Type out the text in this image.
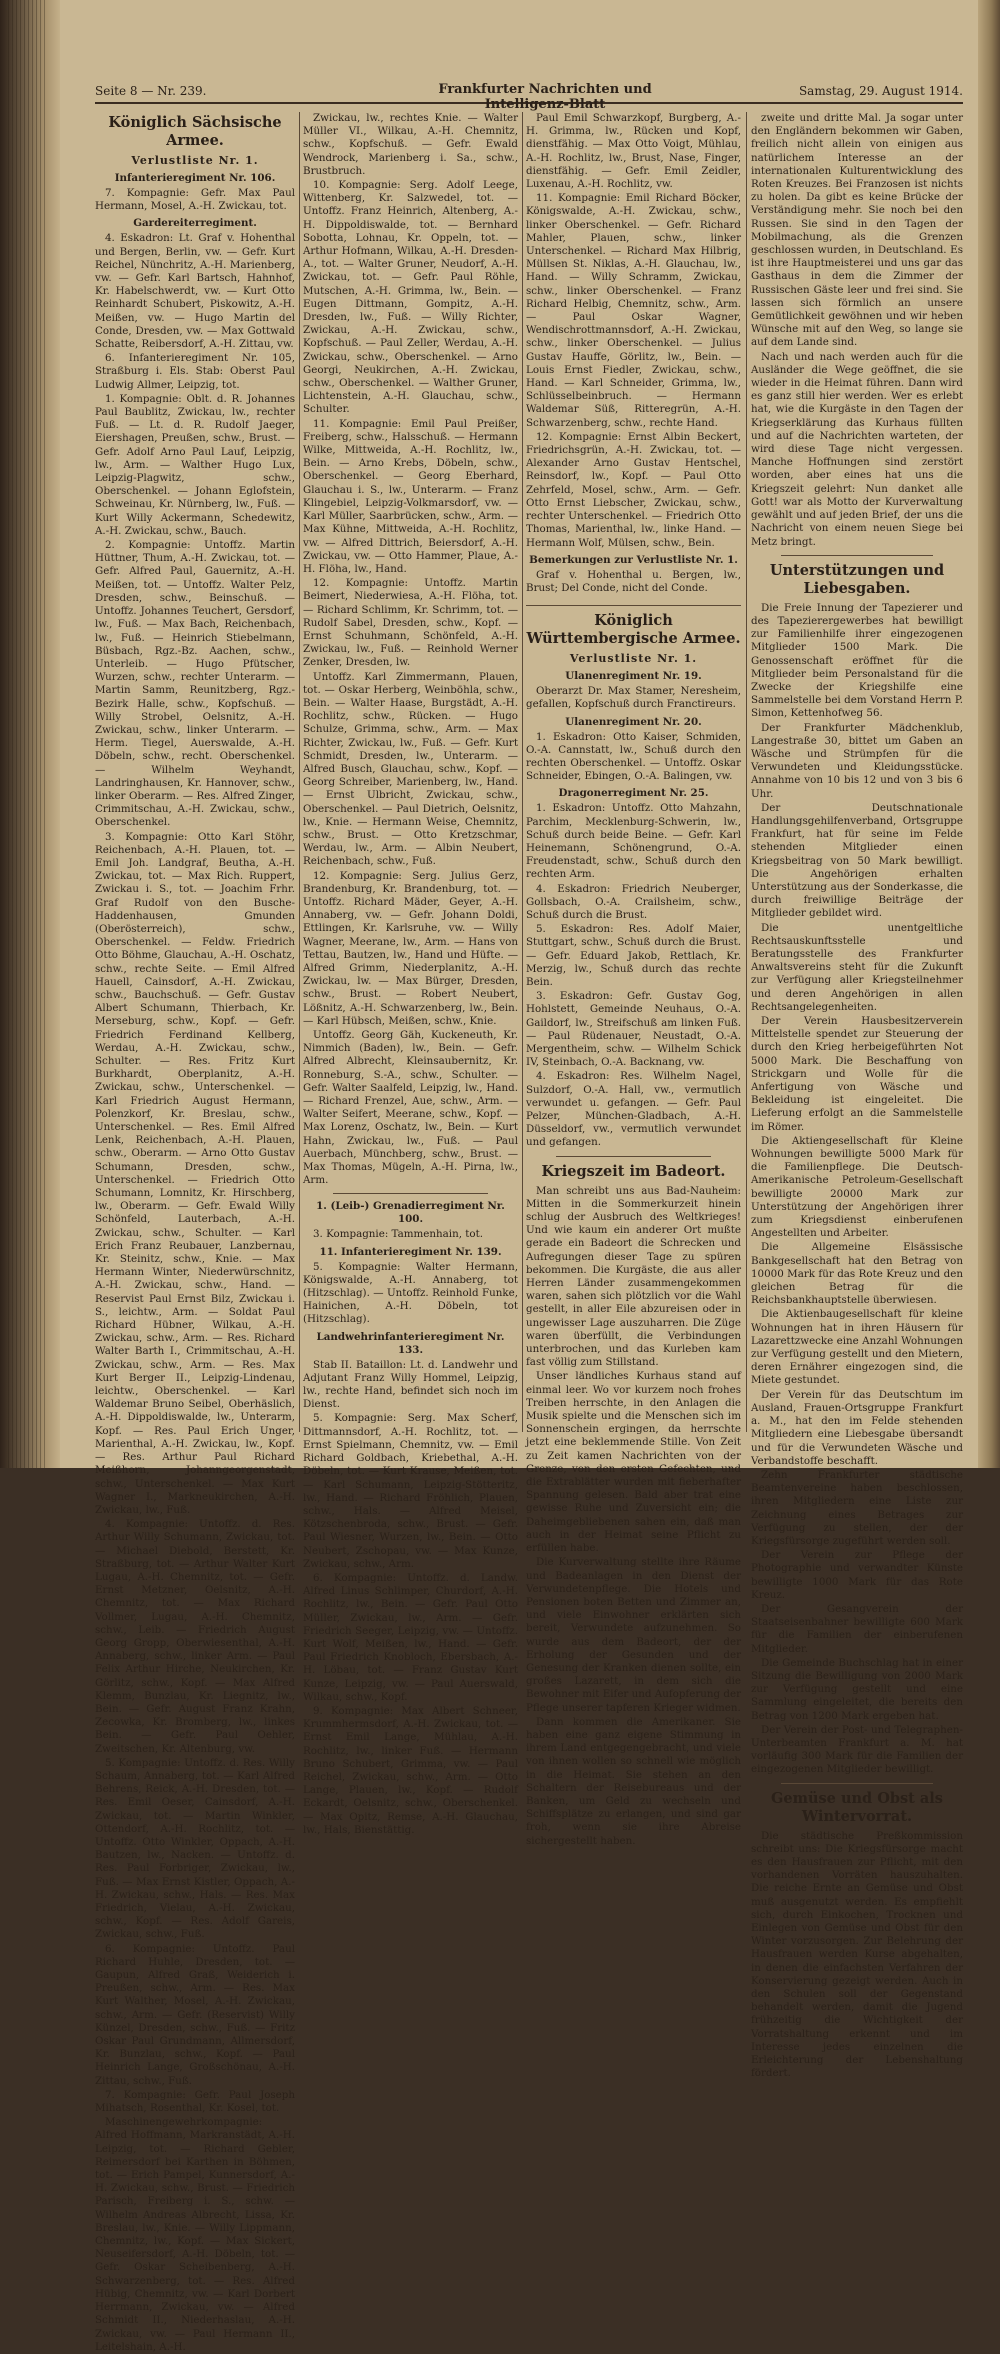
Seite 8 — Nr. 239.	Frankfurter Nachrichten und Intelligenz-Blatt
Samstag, 29. August 1914.
Königlich Sächsische Armee.
Verlustliste Nr. 1.
Infanterieregiment Nr. 106.

7. Kompagnie: Gefr. Max Paul Hermann, Mosel, A.-H. Zwickau, tot.

Gardereiterregiment.

4. Eskadron: Lt. Graf v. Hohenthal und Bergen, Berlin, vw. — Gefr. Kurt Reichel, Nünchritz, A.-H. Marienberg, vw. — Gefr. Karl Bartsch, Hahnhof, Kr. Habelschwerdt, vw. — Kurt Otto Reinhardt Schubert, Piskowitz, A.-H. Meißen, vw. — Hugo Martin del Conde, Dresden, vw. — Max Gottwald Schatte, Reibersdorf, A.-H. Zittau, vw.

6. Infanterieregiment Nr. 105, Straßburg i. Els. Stab: Oberst Paul Ludwig Allmer, Leipzig, tot.

1. Kompagnie: Oblt. d. R. Johannes Paul Baublitz, Zwickau, lw., rechter Fuß. — Lt. d. R. Rudolf Jaeger, Eiershagen, Preußen, schw., Brust. — Gefr. Adolf Arno Paul Lauf, Leipzig, lw., Arm. — Walther Hugo Lux, Leipzig-Plagwitz, schw., Oberschenkel. — Johann Eglofstein, Schweinau, Kr. Nürnberg, lw., Fuß. — Kurt Willy Ackermann, Schedewitz, A.-H. Zwickau, schw., Bauch.

2. Kompagnie: Untoffz. Martin Hüttner, Thum, A.-H. Zwickau, tot. — Gefr. Alfred Paul, Gauernitz, A.-H. Meißen, tot. — Untoffz. Walter Pelz, Dresden, schw., Beinschuß. — Untoffz. Johannes Teuchert, Gersdorf, lw., Fuß. — Max Bach, Reichenbach, lw., Fuß. — Heinrich Stiebelmann, Büsbach, Rgz.-Bz. Aachen, schw., Unterleib. — Hugo Pfütscher, Wurzen, schw., rechter Unterarm. — Martin Samm, Reunitzberg, Rgz.-Bezirk Halle, schw., Kopfschuß. — Willy Strobel, Oelsnitz, A.-H. Zwickau, schw., linker Unterarm. — Herm. Tiegel, Auerswalde, A.-H. Döbeln, schw., recht. Oberschenkel. — Wilhelm Weyhandt, Landringhausen, Kr. Hannover, schw., linker Oberarm. — Res. Alfred Zinger, Crimmitschau, A.-H. Zwickau, schw., Oberschenkel.

3. Kompagnie: Otto Karl Stöhr, Reichenbach, A.-H. Plauen, tot. — Emil Joh. Landgraf, Beutha, A.-H. Zwickau, tot. — Max Rich. Ruppert, Zwickau i. S., tot. — Joachim Frhr. Graf Rudolf von den Busche-Haddenhausen, Gmunden (Oberösterreich), schw., Oberschenkel. — Feldw. Friedrich Otto Böhme, Glauchau, A.-H. Oschatz, schw., rechte Seite. — Emil Alfred Hauell, Cainsdorf, A.-H. Zwickau, schw., Bauchschuß. — Gefr. Gustav Albert Schumann, Thierbach, Kr. Merseburg, schw., Kopf. — Gefr. Friedrich Ferdinand Kellberg, Werdau, A.-H. Zwickau, schw., Schulter. — Res. Fritz Kurt Burkhardt, Oberplanitz, A.-H. Zwickau, schw., Unterschenkel. — Karl Friedrich August Hermann, Polenzkorf, Kr. Breslau, schw., Unterschenkel. — Res. Emil Alfred Lenk, Reichenbach, A.-H. Plauen, schw., Oberarm. — Arno Otto Gustav Schumann, Dresden, schw., Unterschenkel. — Friedrich Otto Schumann, Lomnitz, Kr. Hirschberg, lw., Oberarm. — Gefr. Ewald Willy Schönfeld, Lauterbach, A.-H. Zwickau, schw., Schulter. — Karl Erich Franz Reubauer, Lanzbernau, Kr. Steinitz, schw., Knie. — Max Hermann Winter, Niederwürschnitz, A.-H. Zwickau, schw., Hand. — Reservist Paul Ernst Bilz, Zwickau i. S., leichtw., Arm. — Soldat Paul Richard Hübner, Wilkau, A.-H. Zwickau, schw., Arm. — Res. Richard Walter Barth I., Crimmitschau, A.-H. Zwickau, schw., Arm. — Res. Max Kurt Berger II., Leipzig-Lindenau, leichtw., Oberschenkel. — Karl Waldemar Bruno Seibel, Oberhäslich, A.-H. Dippoldiswalde, lw., Unterarm, Kopf. — Res. Paul Erich Unger, Marienthal, A.-H. Zwickau, lw., Kopf. — Res. Arthur Paul Richard Meißhorn, Johanngeorgenstadt, schw., Unterschenkel. — Max Kurt Wagner I., Markneukirchen, A.-H. Zwickau, lw., Fuß.

4. Kompagnie: Untoffz. d. Res. Arthur Willy Schumann, Zwickau, tot. — Michael Diebold, Berstett, Kr. Straßburg, tot. — Arthur Walter Kurt Lugau, A.-H. Chemnitz, tot. — Gefr. Ernst Metzner, Oelsnitz, A.-H. Chemnitz, tot. — Max Richard Vollmer, Lugau, A.-H. Chemnitz, schw., Leib. — Friedrich August Georg Gropp, Oberwiesenthal, A.-H. Annaberg, schw., linker Arm. — Paul Felix Arthur Hirche, Neukirchen, Kr. Görlitz, schw., Kopf. — Max Alfred Klemm, Bunzlau, Kr. Liegnitz, lw., Bein. — Gefr. August Franz Krahn, Zecowka, Kr. Bromberg, lw., linkes Bein. — Gefr. Paul Oehler, Zweitschen, Kr. Altenburg, vw.

5. Kompagnie: Untoffz. d. Res. Willy Schaum, Annaberg, tot. — Karl Alfred Behrens, Reick, A.-H. Dresden, tot. — Res. Emil Oeser, Cainsdorf, A.-H. Zwickau, tot. — Martin Winkler, Ottendorf, A.-H. Rochlitz, tot. — Untoffz. Otto Winkler, Oppach, A.-H. Bautzen, lw., Nacken. — Untoffz. d. Res. Paul Forbriger, Zwickau, lw., Fuß. — Max Ernst Kistler, Oppach, A.-H. Zwickau, schw., Hals. — Res. Max Friedrich, Vielau, A.-H. Zwickau, schw., Kopf. — Res. Adolf Gareis, Zwickau, schw., Fuß.

6. Kompagnie: Untoffz. Paul Richard Huhle, Dresden, tot. — Gaupun, Alfred Graß, Weiderich i. Preußen, schw., Arm. — Res. Max Kurt Walther, Mosel, A.-H. Zwickau, schw., Arm. — Gefr. (Reservist) Willy Künzel, Dresden, schw., Fuß. — Fritz Oskar Paul Grundmann, Allmersdorf, Kr. Bunzlau, schw., Kopf. — Paul Heinrich Lange, Großschönau, A.-H. Zittau, schw., Fuß.

7. Kompagnie: Gefr. Paul Joseph Mihatsch, Rosenthal, Kr. Kosel, tot.

Maschinengewehrkompagnie: Alfred Hoffmann, Markranstädt, A.-H. Leipzig, tot. — Richard Gebler, Reimersdorf bei Karthen in Böhmen, tot. — Erich Pampel, Kunnersdorf, A.-H. Zwickau, schw., Brust. — Friedrich Parisch, Freiberg i. S., schw. — Wilhelm Andreas Albrecht, Lissa, Kr. Breslau, lw., Knie. — Willy Lippmann, Chemnitz, lw., Kopf. — Max Sickert, Neuseifersdorf, A.-H. Döbeln, tot. — Gefr. Oskar Scheibenberg, A.-H. Schwarzenberg, tot. — Res. Alfred Hübig, Chemnitz, vw. — Karl Dorbert Herrmann, Zwickau, vw. — Alfred Schmidt II., Niederhaslau, A.-H. Zwickau, vw. — Paul Hermann II., Leitelshain, A.-H.

Zwickau, lw., rechtes Knie. — Walter Müller VI., Wilkau, A.-H. Chemnitz, schw., Kopfschuß. — Gefr. Ewald Wendrock, Marienberg i. Sa., schw., Brustbruch.

10. Kompagnie: Serg. Adolf Leege, Wittenberg, Kr. Salzwedel, tot. — Untoffz. Franz Heinrich, Altenberg, A.-H. Dippoldiswalde, tot. — Bernhard Sobotta, Lohnau, Kr. Oppeln, tot. — Arthur Hofmann, Wilkau, A.-H. Dresden-A., tot. — Walter Gruner, Neudorf, A.-H. Zwickau, tot. — Gefr. Paul Röhle, Mutschen, A.-H. Grimma, lw., Bein. — Eugen Dittmann, Gompitz, A.-H. Dresden, lw., Fuß. — Willy Richter, Zwickau, A.-H. Zwickau, schw., Kopfschuß. — Paul Zeller, Werdau, A.-H. Zwickau, schw., Oberschenkel. — Arno Georgi, Neukirchen, A.-H. Zwickau, schw., Oberschenkel. — Walther Gruner, Lichtenstein, A.-H. Glauchau, schw., Schulter.

11. Kompagnie: Emil Paul Preißer, Freiberg, schw., Halsschuß. — Hermann Wilke, Mittweida, A.-H. Rochlitz, lw., Bein. — Arno Krebs, Döbeln, schw., Oberschenkel. — Georg Eberhard, Glauchau i. S., lw., Unterarm. — Franz Klingebiel, Leipzig-Volkmarsdorf, vw. — Karl Müller, Saarbrücken, schw., Arm. — Max Kühne, Mittweida, A.-H. Rochlitz, vw. — Alfred Dittrich, Beiersdorf, A.-H. Zwickau, vw. — Otto Hammer, Plaue, A.-H. Flöha, lw., Hand.

12. Kompagnie: Untoffz. Martin Beimert, Niederwiesa, A.-H. Flöha, tot. — Richard Schlimm, Kr. Schrimm, tot. — Rudolf Sabel, Dresden, schw., Kopf. — Ernst Schuhmann, Schönfeld, A.-H. Zwickau, lw., Fuß. — Reinhold Werner Zenker, Dresden, lw.

Untoffz. Karl Zimmermann, Plauen, tot. — Oskar Herberg, Weinböhla, schw., Bein. — Walter Haase, Burgstädt, A.-H. Rochlitz, schw., Rücken. — Hugo Schulze, Grimma, schw., Arm. — Max Richter, Zwickau, lw., Fuß. — Gefr. Kurt Schmidt, Dresden, lw., Unterarm. — Alfred Busch, Glauchau, schw., Kopf. — Georg Schreiber, Marienberg, lw., Hand. — Ernst Ulbricht, Zwickau, schw., Oberschenkel. — Paul Dietrich, Oelsnitz, lw., Knie. — Hermann Weise, Chemnitz, schw., Brust. — Otto Kretzschmar, Werdau, lw., Arm. — Albin Neubert, Reichenbach, schw., Fuß.

12. Kompagnie: Serg. Julius Gerz, Brandenburg, Kr. Brandenburg, tot. — Untoffz. Richard Mäder, Geyer, A.-H. Annaberg, vw. — Gefr. Johann Doldi, Ettlingen, Kr. Karlsruhe, vw. — Willy Wagner, Meerane, lw., Arm. — Hans von Tettau, Bautzen, lw., Hand und Hüfte. — Alfred Grimm, Niederplanitz, A.-H. Zwickau, lw. — Max Bürger, Dresden, schw., Brust. — Robert Neubert, Lößnitz, A.-H. Schwarzenberg, lw., Bein. — Karl Hübsch, Meißen, schw., Knie.

Untoffz. Georg Gäh, Kuckeneuth, Kr. Nimmich (Baden), lw., Bein. — Gefr. Alfred Albrecht, Kleinsaubernitz, Kr. Ronneburg, S.-A., schw., Schulter. — Gefr. Walter Saalfeld, Leipzig, lw., Hand. — Richard Frenzel, Aue, schw., Arm. — Walter Seifert, Meerane, schw., Kopf. — Max Lorenz, Oschatz, lw., Bein. — Kurt Hahn, Zwickau, lw., Fuß. — Paul Auerbach, Münchberg, schw., Brust. — Max Thomas, Mügeln, A.-H. Pirna, lw., Arm.

1. (Leib-) Grenadierregiment Nr. 100.

3. Kompagnie: Tammenhain, tot.

11. Infanterieregiment Nr. 139.

5. Kompagnie: Walter Hermann, Königswalde, A.-H. Annaberg, tot (Hitzschlag). — Untoffz. Reinhold Funke, Hainichen, A.-H. Döbeln, tot (Hitzschlag).

Landwehrinfanterieregiment Nr. 133.

Stab II. Bataillon: Lt. d. Landwehr und Adjutant Franz Willy Hommel, Leipzig, lw., rechte Hand, befindet sich noch im Dienst.

5. Kompagnie: Serg. Max Scherf, Dittmannsdorf, A.-H. Rochlitz, tot. — Ernst Spielmann, Chemnitz, vw. — Emil Richard Goldbach, Kriebethal, A.-H. Döbeln, tot. — Kurt Krause, Meißen, tot. — Karl Schumann, Leipzig-Stötteritz, lw., Hand. — Richard Fröhlich, Plauen, schw., Hals. — Alfred Meisel, Kötzschenbroda, schw., Brust. — Gefr. Paul Wiesner, Wurzen, lw., Bein. — Otto Neubert, Zschopau, vw. — Max Kunze, Zwickau, schw., Arm.

6. Kompagnie: Untoffz. d. Landw. Alfred Linus Schlimper, Churdorf, A.-H. Rochlitz, lw., Bein. — Gefr. Paul Otto Müller, Zwickau, lw., Arm. — Gefr. Friedrich Seeger, Leipzig, vw. — Untoffz. Kurt Wolf, Meißen, lw., Hand. — Gefr. Paul Friedrich Knobloch, Ebersbach, A.-H. Löbau, tot. — Franz Gustav Kurt Kunze, Leipzig, vw. — Paul Auerswald, Wilkau, schw., Kopf.

9. Kompagnie: Max Albert Schneer, Krummhermsdorf, A.-H. Zwickau, tot. — Ernst Emil Lange, Mühlau, A.-H. Rochlitz, lw., linker Fuß. — Hermann Bruno Schubert, Grimma, vw. — Paul Reichel, Zwickau, schw., Arm. — Otto Lange, Plauen, lw., Kopf. — Rudolf Eckardt, Oelsnitz, schw., Oberschenkel. — Max Opitz, Remse, A.-H. Glauchau, lw., Hals, Bienstättig.

Paul Emil Schwarzkopf, Burgberg, A.-H. Grimma, lw., Rücken und Kopf, dienstfähig. — Max Otto Voigt, Mühlau, A.-H. Rochlitz, lw., Brust, Nase, Finger, dienstfähig. — Gefr. Emil Zeidler, Luxenau, A.-H. Rochlitz, vw.

11. Kompagnie: Emil Richard Böcker, Königswalde, A.-H. Zwickau, schw., linker Oberschenkel. — Gefr. Richard Mahler, Plauen, schw., linker Unterschenkel. — Richard Max Hilbrig, Müllsen St. Niklas, A.-H. Glauchau, lw., Hand. — Willy Schramm, Zwickau, schw., linker Oberschenkel. — Franz Richard Helbig, Chemnitz, schw., Arm. — Paul Oskar Wagner, Wendischrottmannsdorf, A.-H. Zwickau, schw., linker Oberschenkel. — Julius Gustav Hauffe, Görlitz, lw., Bein. — Louis Ernst Fiedler, Zwickau, schw., Hand. — Karl Schneider, Grimma, lw., Schlüsselbeinbruch. — Hermann Waldemar Süß, Ritteregrün, A.-H. Schwarzenberg, schw., rechte Hand.

12. Kompagnie: Ernst Albin Beckert, Friedrichsgrün, A.-H. Zwickau, tot. — Alexander Arno Gustav Hentschel, Reinsdorf, lw., Kopf. — Paul Otto Zehrfeld, Mosel, schw., Arm. — Gefr. Otto Ernst Liebscher, Zwickau, schw., rechter Unterschenkel. — Friedrich Otto Thomas, Marienthal, lw., linke Hand. — Hermann Wolf, Mülsen, schw., Bein.

Bemerkungen zur Verlustliste Nr. 1.

Graf v. Hohenthal u. Bergen, lw., Brust; Del Conde, nicht del Conde.

Königlich Württembergische Armee.
Verlustliste Nr. 1.
Ulanenregiment Nr. 19.

Oberarzt Dr. Max Stamer, Neresheim, gefallen, Kopfschuß durch Franctireurs.

Ulanenregiment Nr. 20.

1. Eskadron: Otto Kaiser, Schmiden, O.-A. Cannstatt, lw., Schuß durch den rechten Oberschenkel. — Untoffz. Oskar Schneider, Ebingen, O.-A. Balingen, vw.

Dragonerregiment Nr. 25.

1. Eskadron: Untoffz. Otto Mahzahn, Parchim, Mecklenburg-Schwerin, lw., Schuß durch beide Beine. — Gefr. Karl Heinemann, Schönengrund, O.-A. Freudenstadt, schw., Schuß durch den rechten Arm.

4. Eskadron: Friedrich Neuberger, Gollsbach, O.-A. Crailsheim, schw., Schuß durch die Brust.

5. Eskadron: Res. Adolf Maier, Stuttgart, schw., Schuß durch die Brust. — Gefr. Eduard Jakob, Rettlach, Kr. Merzig, lw., Schuß durch das rechte Bein.

3. Eskadron: Gefr. Gustav Gog, Hohlstett, Gemeinde Neuhaus, O.-A. Gaildorf, lw., Streifschuß am linken Fuß. — Paul Rüdenauer, Neustadt, O.-A. Mergentheim, schw. — Wilhelm Schick IV, Steinbach, O.-A. Backnang, vw.

4. Eskadron: Res. Wilhelm Nagel, Sulzdorf, O.-A. Hall, vw., vermutlich verwundet u. gefangen. — Gefr. Paul Pelzer, München-Gladbach, A.-H. Düsseldorf, vw., vermutlich verwundet und gefangen.

Kriegszeit im Badeort.

Man schreibt uns aus Bad-Nauheim: Mitten in die Sommerkurzeit hinein schlug der Ausbruch des Weltkrieges! Und wie kaum ein anderer Ort mußte gerade ein Badeort die Schrecken und Aufregungen dieser Tage zu spüren bekommen. Die Kurgäste, die aus aller Herren Länder zusammengekommen waren, sahen sich plötzlich vor die Wahl gestellt, in aller Eile abzureisen oder in ungewisser Lage auszuharren. Die Züge waren überfüllt, die Verbindungen unterbrochen, und das Kurleben kam fast völlig zum Stillstand.

Unser ländliches Kurhaus stand auf einmal leer. Wo vor kurzem noch frohes Treiben herrschte, in den Anlagen die Musik spielte und die Menschen sich im Sonnenschein ergingen, da herrschte jetzt eine beklemmende Stille. Von Zeit zu Zeit kamen Nachrichten von der Grenze, von den ersten Gefechten, und die Extrablätter wurden mit fieberhafter Spannung gelesen. Bald aber trat eine gewisse Ruhe und Zuversicht ein; die Daheimgebliebenen sahen ein, daß man auch in der Heimat seine Pflicht zu erfüllen habe.

Die Kurverwaltung stellte ihre Räume und Badeanlagen in den Dienst der Verwundetenpflege. Die Hotels und Pensionen boten Betten und Zimmer an, und viele Einwohner erklärten sich bereit, Verwundete aufzunehmen. So wurde aus dem Badeort, der der Erholung der Gesunden und der Genesung der Kranken dienen sollte, ein großes Lazarett, in dem sich die Bewohner mit Eifer und Aufopferung der Pflege unserer tapferen Krieger widmen.

Dann kommen die Amerikaner. Sie haben eine ganz eigene Stimmung in ihrem Land entgegengebracht, und viele von ihnen wollen so schnell wie möglich in die Heimat. Sie stehen an den Schaltern der Reisebureaus und der Banken, um Geld zu wechseln und Schiffsplätze zu erlangen, und sind gar froh, wenn sie ihre Abreise sichergestellt haben.

zweite und dritte Mal. Ja sogar unter den Engländern bekommen wir Gaben, freilich nicht allein von einigen aus natürlichem Interesse an der internationalen Kulturentwicklung des Roten Kreuzes. Bei Franzosen ist nichts zu holen. Da gibt es keine Brücke der Verständigung mehr. Sie noch bei den Russen. Sie sind in den Tagen der Mobilmachung, als die Grenzen geschlossen wurden, in Deutschland. Es ist ihre Hauptmeisterei und uns gar das Gasthaus in dem die Zimmer der Russischen Gäste leer und frei sind. Sie lassen sich förmlich an unsere Gemütlichkeit gewöhnen und wir heben Wünsche mit auf den Weg, so lange sie auf dem Lande sind.

Nach und nach werden auch für die Ausländer die Wege geöffnet, die sie wieder in die Heimat führen. Dann wird es ganz still hier werden. Wer es erlebt hat, wie die Kurgäste in den Tagen der Kriegserklärung das Kurhaus füllten und auf die Nachrichten warteten, der wird diese Tage nicht vergessen. Manche Hoffnungen sind zerstört worden, aber eines hat uns die Kriegszeit gelehrt: Nun danket alle Gott! war als Motto der Kurverwaltung gewählt und auf jeden Brief, der uns die Nachricht von einem neuen Siege bei Metz bringt.

Unterstützungen und Liebesgaben.

Die Freie Innung der Tapezierer und des Tapezierergewerbes hat bewilligt zur Familienhilfe ihrer eingezogenen Mitglieder 1500 Mark. Die Genossenschaft eröffnet für die Mitglieder beim Personalstand für die Zwecke der Kriegshilfe eine Sammelstelle bei dem Vorstand Herrn P. Simon, Kettenhofweg 56.

Der Frankfurter Mädchenklub, Langestraße 30, bittet um Gaben an Wäsche und Strümpfen für die Verwundeten und Kleidungsstücke. Annahme von 10 bis 12 und von 3 bis 6 Uhr.

Der Deutschnationale Handlungsgehilfenverband, Ortsgruppe Frankfurt, hat für seine im Felde stehenden Mitglieder einen Kriegsbeitrag von 50 Mark bewilligt. Die Angehörigen erhalten Unterstützung aus der Sonderkasse, die durch freiwillige Beiträge der Mitglieder gebildet wird.

Die unentgeltliche Rechtsauskunftsstelle und Beratungsstelle des Frankfurter Anwaltsvereins steht für die Zukunft zur Verfügung aller Kriegsteilnehmer und deren Angehörigen in allen Rechtsangelegenheiten.

Der Verein Hausbesitzerverein Mittelstelle spendet zur Steuerung der durch den Krieg herbeigeführten Not 5000 Mark. Die Beschaffung von Strickgarn und Wolle für die Anfertigung von Wäsche und Bekleidung ist eingeleitet. Die Lieferung erfolgt an die Sammelstelle im Römer.

Die Aktiengesellschaft für Kleine Wohnungen bewilligte 5000 Mark für die Familienpflege. Die Deutsch-Amerikanische Petroleum-Gesellschaft bewilligte 20000 Mark zur Unterstützung der Angehörigen ihrer zum Kriegsdienst einberufenen Angestellten und Arbeiter.

Die Allgemeine Elsässische Bankgesellschaft hat den Betrag von 10000 Mark für das Rote Kreuz und den gleichen Betrag für die Reichsbankhauptstelle überwiesen.

Die Aktienbaugesellschaft für kleine Wohnungen hat in ihren Häusern für Lazarettzwecke eine Anzahl Wohnungen zur Verfügung gestellt und den Mietern, deren Ernährer eingezogen sind, die Miete gestundet.

Der Verein für das Deutschtum im Ausland, Frauen-Ortsgruppe Frankfurt a. M., hat den im Felde stehenden Mitgliedern eine Liebesgabe übersandt und für die Verwundeten Wäsche und Verbandstoffe beschafft.

Zehn Frankfurter städtische Beamtenvereine haben beschlossen, ihren Mitgliedern eine Liste zur Zeichnung eines Betrages zur Verfügung zu stellen, der der Kriegsfürsorge zugeführt werden soll.

Der Verein zur Pflege der Photographie und verwandter Künste bewilligte 1000 Mark für das Rote Kreuz.

Der Gesangverein der Staatseisenbahner bewilligte 600 Mark für die Familien der einberufenen Mitglieder.

Die Gemeinde Buchschlag hat in einer Sitzung die Bewilligung von 2000 Mark zur Verfügung gestellt und eine Sammlung eingeleitet, die bereits den Betrag von 1200 Mark ergeben hat.

Der Verein der Post- und Telegraphen-Unterbeamten Frankfurt a. M. hat vorläufig 300 Mark für die Familien der eingezogenen Mitglieder bewilligt.

Gemüse und Obst als Wintervorrat.

Die städtische Preßkommission schreibt uns: Die Kriegsfürsorge macht es den Hausfrauen zur Pflicht, mit den vorhandenen Vorräten hauszuhalten. Die reiche Ernte an Gemüse und Obst muß ausgenutzt werden. Es empfiehlt sich, durch Einkochen, Trocknen und Einlegen von Gemüse und Obst für den Winter vorzusorgen. Zur Belehrung der Hausfrauen werden Kurse abgehalten, in denen die einfachsten Verfahren der Konservierung gezeigt werden. Auch in den Schulen soll der Gegenstand behandelt werden, damit die Jugend frühzeitig die Wichtigkeit der Vorratshaltung erkennt und im Interesse jedes einzelnen die Erleichterung der Lebenshaltung fördert.
